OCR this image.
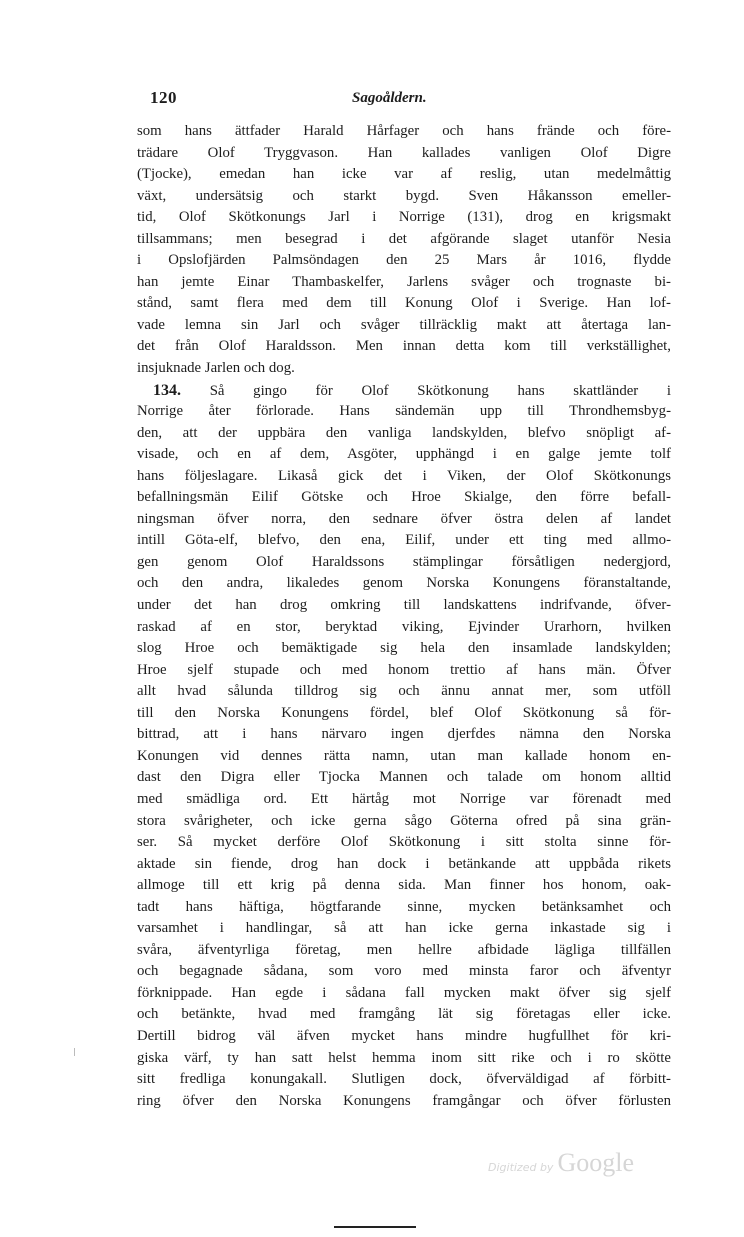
120	Sagoåldern.
som hans ättfader Harald Hårfager och hans frände och före-
trädare Olof Tryggvason. Han kallades vanligen Olof Digre
(Tjocke), emedan han icke var af reslig, utan medelmåttig
växt, undersätsig och starkt bygd. Sven Håkansson emeller-
tid, Olof Skötkonungs Jarl i Norrige (131), drog en krigsmakt
tillsammans; men besegrad i det afgörande slaget utanför Nesia
i Opslofjärden Palmsöndagen den 25 Mars år 1016, flydde
han jemte Einar Thambaskelfer, Jarlens svåger och trognaste bi-
stånd, samt flera med dem till Konung Olof i Sverige. Han lof-
vade lemna sin Jarl och svåger tillräcklig makt att återtaga lan-
det från Olof Haraldsson. Men innan detta kom till verkställighet,
insjuknade Jarlen och dog.
134. Så gingo för Olof Skötkonung hans skattländer i
Norrige åter förlorade. Hans sändemän upp till Throndhemsbyg-
den, att der uppbära den vanliga landskylden, blefvo snöpligt af-
visade, och en af dem, Asgöter, upphängd i en galge jemte tolf
hans följeslagare. Likaså gick det i Viken, der Olof Skötkonungs
befallningsmän Eilif Götske och Hroe Skialge, den förre befall-
ningsman öfver norra, den sednare öfver östra delen af landet
intill Göta-elf, blefvo, den ena, Eilif, under ett ting med allmo-
gen genom Olof Haraldssons stämplingar försåtligen nedergjord,
och den andra, likaledes genom Norska Konungens föranstaltande,
under det han drog omkring till landskattens indrifvande, öfver-
raskad af en stor, beryktad viking, Ejvinder Urarhorn, hvilken
slog Hroe och bemäktigade sig hela den insamlade landskylden;
Hroe sjelf stupade och med honom trettio af hans män. Öfver
allt hvad sålunda tilldrog sig och ännu annat mer, som utföll
till den Norska Konungens fördel, blef Olof Skötkonung så för-
bittrad, att i hans närvaro ingen djerfdes nämna den Norska
Konungen vid dennes rätta namn, utan man kallade honom en-
dast den Digra eller Tjocka Mannen och talade om honom alltid
med smädliga ord. Ett härtåg mot Norrige var förenadt med
stora svårigheter, och icke gerna sågo Göterna ofred på sina grän-
ser. Så mycket derföre Olof Skötkonung i sitt stolta sinne för-
aktade sin fiende, drog han dock i betänkande att uppbåda rikets
allmoge till ett krig på denna sida. Man finner hos honom, oak-
tadt hans häftiga, högtfarande sinne, mycken betänksamhet och
varsamhet i handlingar, så att han icke gerna inkastade sig i
svåra, äfventyrliga företag, men hellre afbidade lägliga tillfällen
och begagnade sådana, som voro med minsta faror och äfventyr
förknippade. Han egde i sådana fall mycken makt öfver sig sjelf
och betänkte, hvad med framgång lät sig företagas eller icke.
Dertill bidrog väl äfven mycket hans mindre hugfullhet för kri-
giska värf, ty han satt helst hemma inom sitt rike och i ro skötte
sitt fredliga konungakall. Slutligen dock, öfverväldigad af förbitt-
ring öfver den Norska Konungens framgångar och öfver förlusten
Digitized by Google
